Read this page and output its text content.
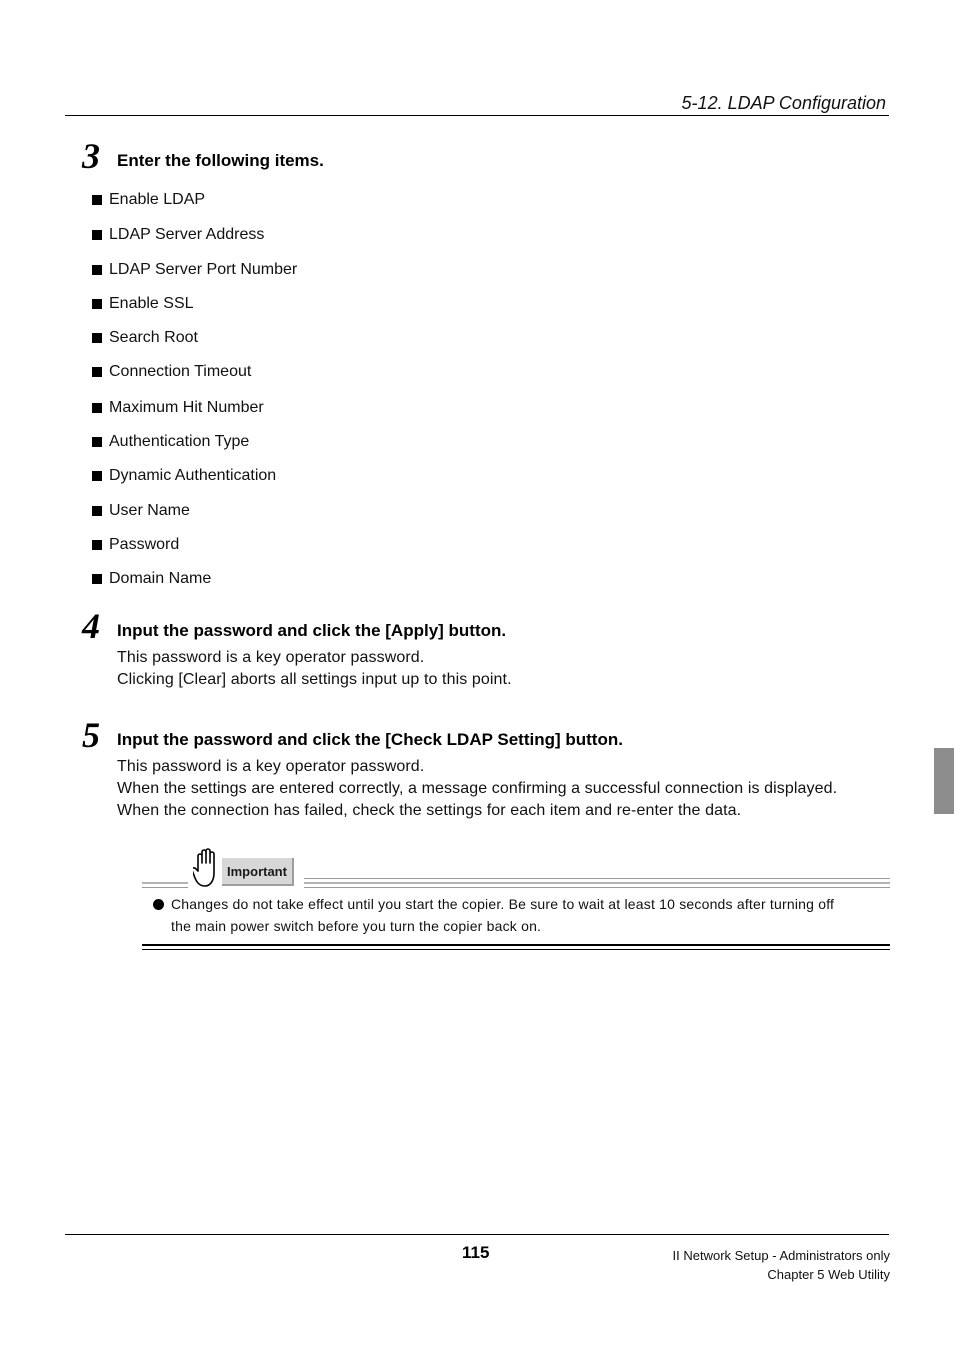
5-12. LDAP Configuration
3 Enter the following items.
Enable LDAP
LDAP Server Address
LDAP Server Port Number
Enable SSL
Search Root
Connection Timeout
Maximum Hit Number
Authentication Type
Dynamic Authentication
User Name
Password
Domain Name
4 Input the password and click the [Apply] button.
This password is a key operator password.
Clicking [Clear] aborts all settings input up to this point.
5 Input the password and click the [Check LDAP Setting] button.
This password is a key operator password.
When the settings are entered correctly, a message confirming a successful connection is displayed.
When the connection has failed, check the settings for each item and re-enter the data.
Important
Changes do not take effect until you start the copier. Be sure to wait at least 10 seconds after turning off
the main power switch before you turn the copier back on.
115	II Network Setup - Administrators only
Chapter 5 Web Utility
